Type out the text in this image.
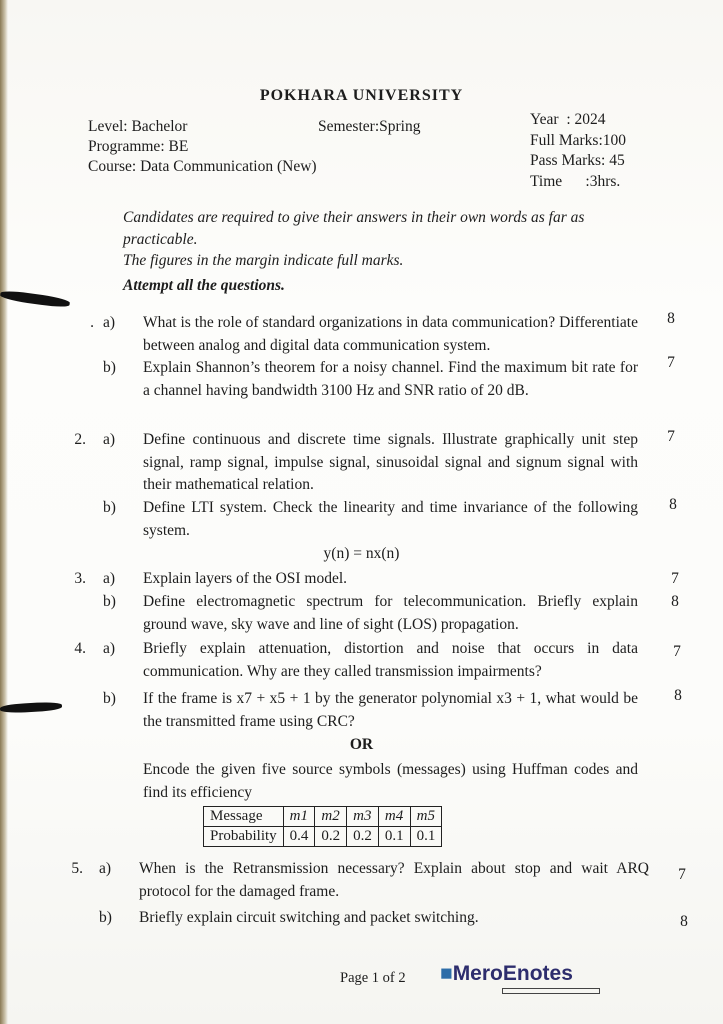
POKHARA UNIVERSITY
Level: Bachelor	Semester:Spring	Year  : 2024
Programme: BE	Full Marks:100
Course: Data Communication (New)	Pass Marks: 45
Time      :3hrs.
Candidates are required to give their answers in their own words as far as practicable.
The figures in the margin indicate full marks.
Attempt all the questions.
. a)	What is the role of standard organizations in data communication? Differentiate between analog and digital data communication system.
8
b)	Explain Shannon’s theorem for a noisy channel. Find the maximum bit rate for a channel having bandwidth 3100 Hz and SNR ratio of 20 dB.
7
2. a)	Define continuous and discrete time signals. Illustrate graphically unit step signal, ramp signal, impulse signal, sinusoidal signal and signum signal with their mathematical relation.
7
b)	Define LTI system. Check the linearity and time invariance of the following system.
8
y(n) = nx(n)
3. a)	Explain layers of the OSI model.	7
b)	Define electromagnetic spectrum for telecommunication. Briefly explain ground wave, sky wave and line of sight (LOS) propagation.
8
4. a)	Briefly explain attenuation, distortion and noise that occurs in data communication. Why are they called transmission impairments?
7
b)	If the frame is x7 + x5 + 1 by the generator polynomial x3 + 1, what would be the transmitted frame using CRC?
8
OR
Encode the given five source symbols (messages) using Huffman codes and find its efficiency
Message	m1	m2	m3	m4	m5
Probability	0.4	0.2	0.2	0.1	0.1
5. a)	When is the Retransmission necessary? Explain about stop and wait ARQ protocol for the damaged frame.
7
b)	Briefly explain circuit switching and packet switching.	8
Page 1 of 2 ■MeroEnotes
